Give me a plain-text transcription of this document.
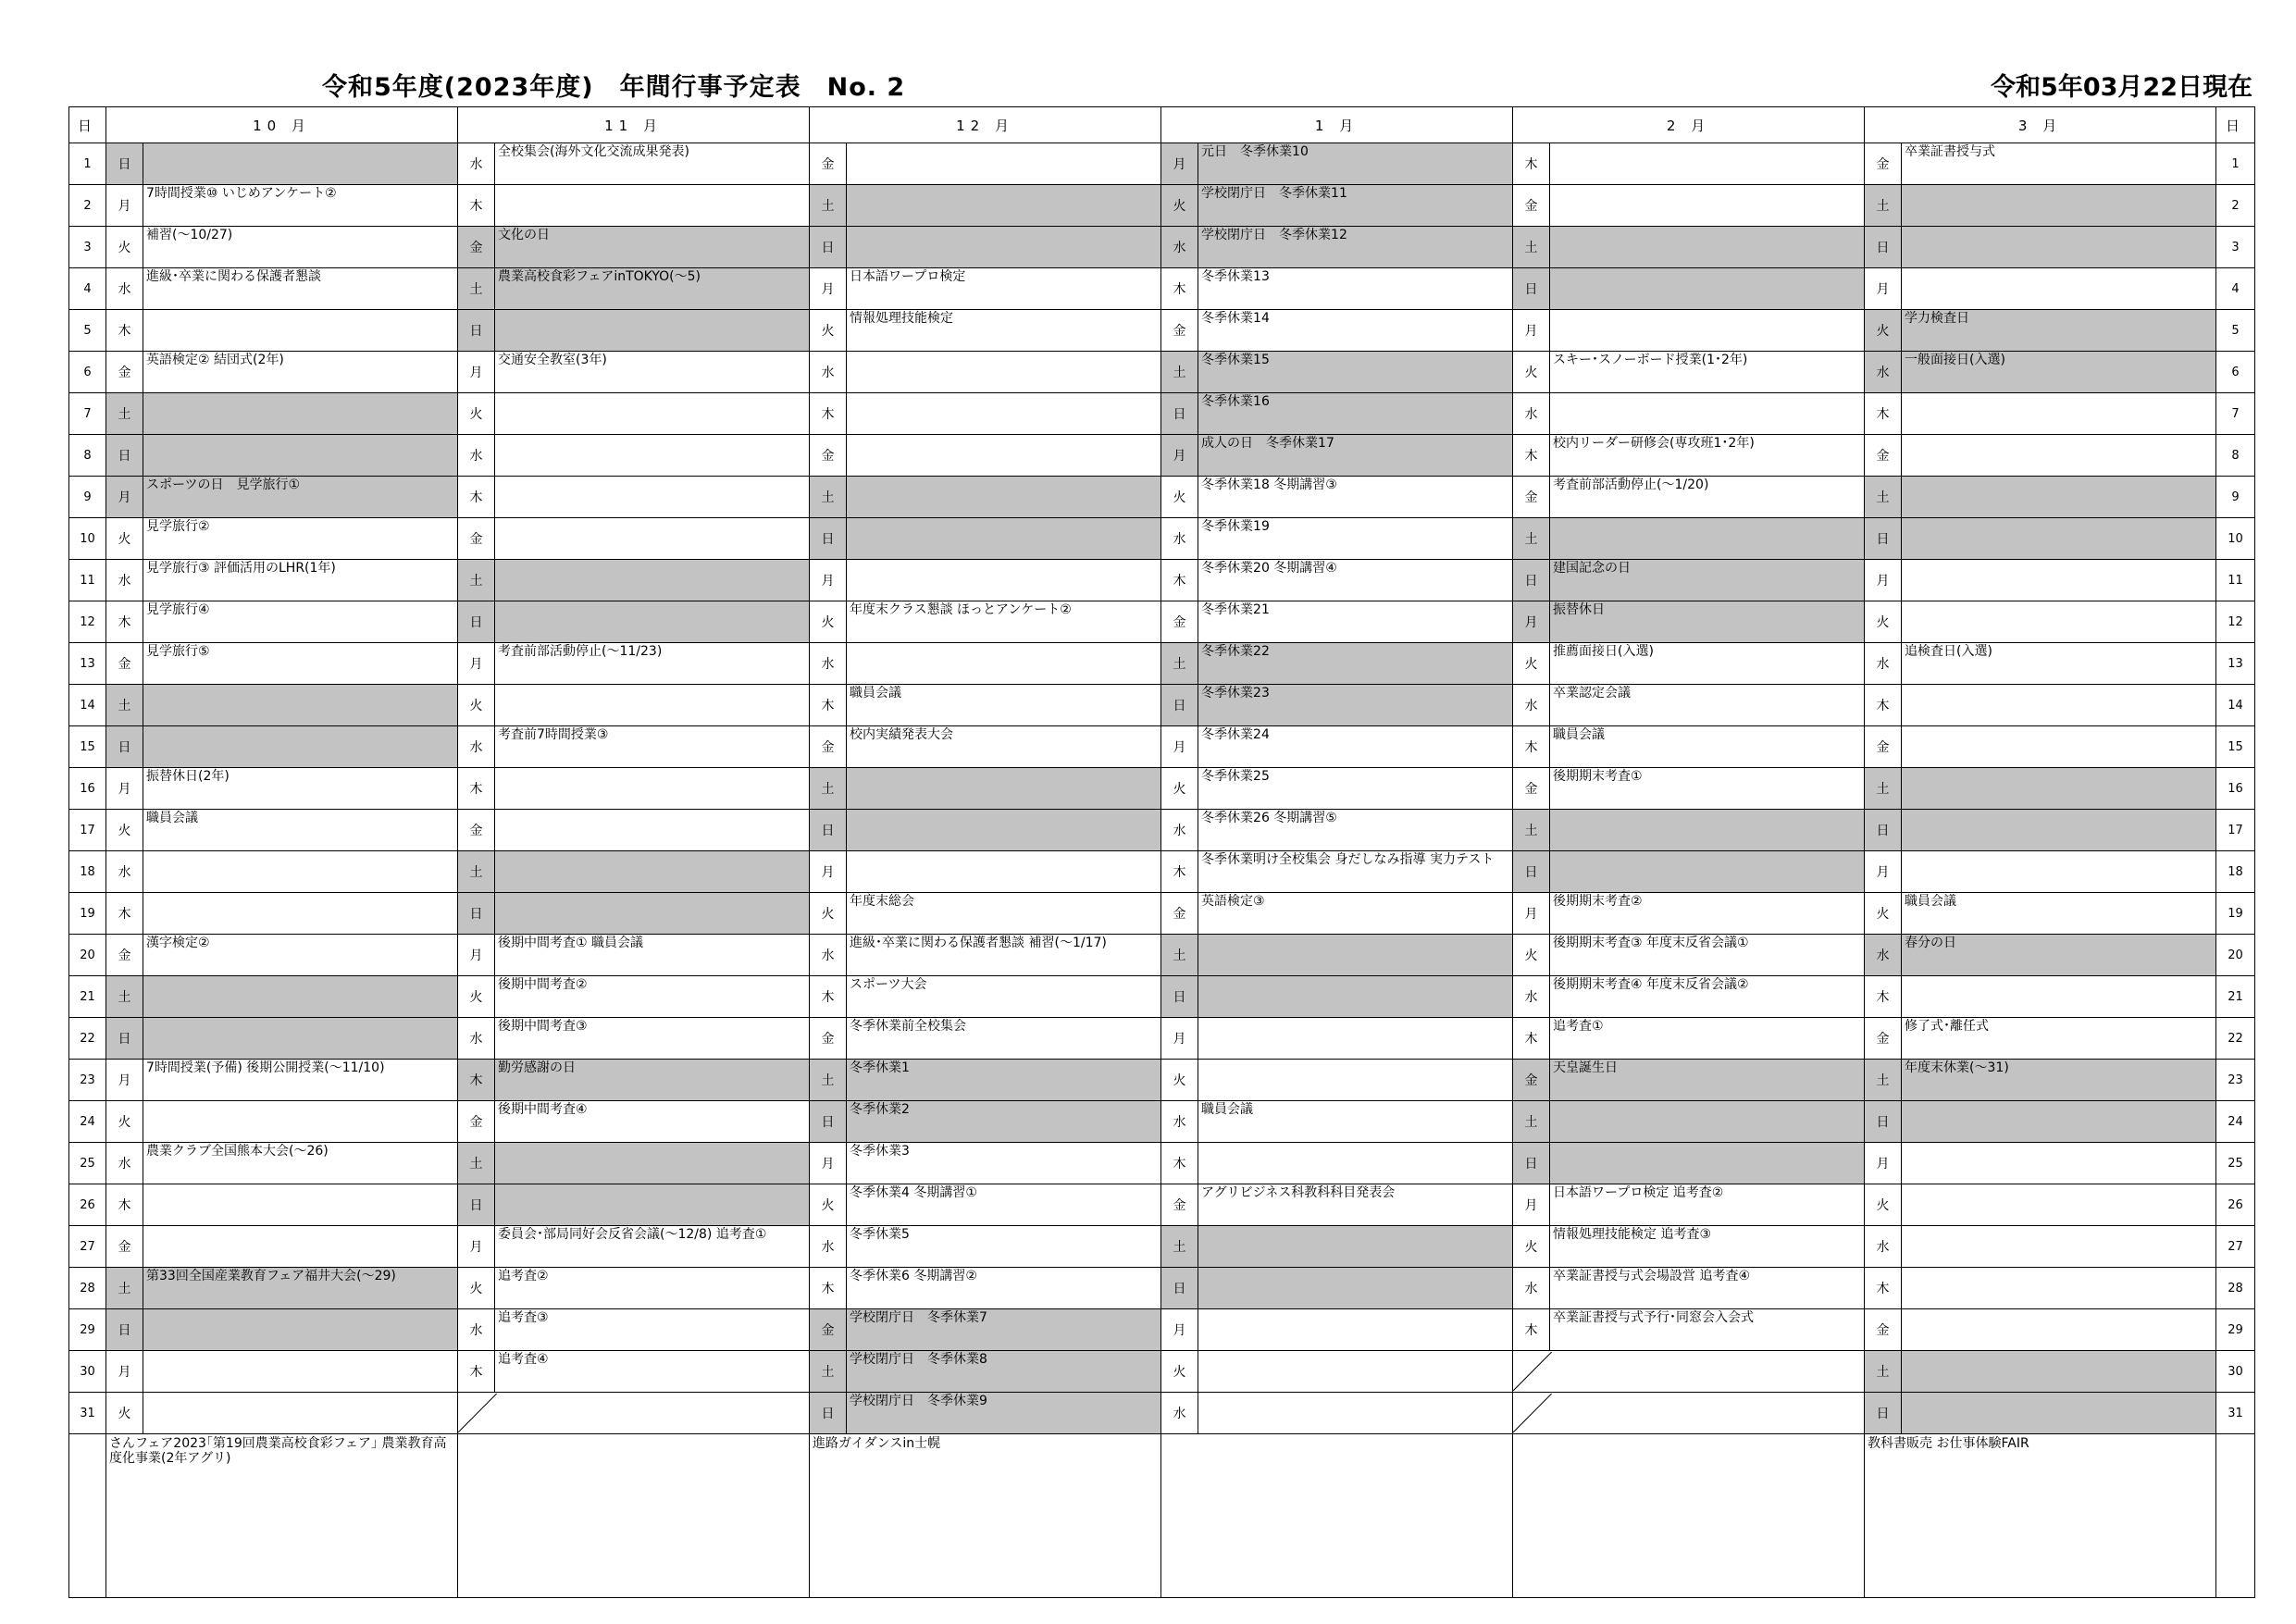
令和5年度(2023年度)　年間行事予定表　No. 2	令和5年03月22日現在
日	10 月		11 月		12 月		1 月		2 月		3 月		日
1	日		水	全校集会(海外文化交流成果発表)	金		月	元日　冬季休業10	木		金	卒業証書授与式	1
2	月	7時間授業⑩ いじめアンケート②	木		土		火	学校閉庁日　冬季休業11	金		土		2
3	火	補習(～10/27)	金	文化の日	日		水	学校閉庁日　冬季休業12	土		日		3
4	水	進級･卒業に関わる保護者懇談	土	農業高校食彩フェアinTOKYO(～5)	月	日本語ワープロ検定	木	冬季休業13	日		月		4
5	木		日		火	情報処理技能検定	金	冬季休業14	月		火	学力検査日	5
6	金	英語検定② 結団式(2年)	月	交通安全教室(3年)	水		土	冬季休業15	火	スキー･スノーボード授業(1･2年)	水	一般面接日(入選)	6
7	土		火		木		日	冬季休業16	水		木		7
8	日		水		金		月	成人の日　冬季休業17	木	校内リーダー研修会(専攻班1･2年)	金		8
9	月	スポーツの日　見学旅行①	木		土		火	冬季休業18 冬期講習③	金	考査前部活動停止(～1/20)	土		9
10	火	見学旅行②	金		日		水	冬季休業19	土		日		10
11	水	見学旅行③ 評価活用のLHR(1年)	土		月		木	冬季休業20 冬期講習④	日	建国記念の日	月		11
12	木	見学旅行④	日		火	年度末クラス懇談 ほっとアンケート②	金	冬季休業21	月	振替休日	火		12
13	金	見学旅行⑤	月	考査前部活動停止(～11/23)	水		土	冬季休業22	火	推薦面接日(入選)	水	追検査日(入選)	13
14	土		火		木	職員会議	日	冬季休業23	水	卒業認定会議	木		14
15	日		水	考査前7時間授業③	金	校内実績発表大会	月	冬季休業24	木	職員会議	金		15
16	月	振替休日(2年)	木		土		火	冬季休業25	金	後期期末考査①	土		16
17	火	職員会議	金		日		水	冬季休業26 冬期講習⑤	土		日		17
18	水		土		月		木	冬季休業明け全校集会 身だしなみ指導 実力テスト	日		月		18
19	木		日		火	年度末総会	金	英語検定③	月	後期期末考査②	火	職員会議	19
20	金	漢字検定②	月	後期中間考査① 職員会議	水	進級･卒業に関わる保護者懇談 補習(～1/17)	土		火	後期期末考査③ 年度末反省会議①	水	春分の日	20
21	土		火	後期中間考査②	木	スポーツ大会	日		水	後期期末考査④ 年度末反省会議②	木		21
22	日		水	後期中間考査③	金	冬季休業前全校集会	月		木	追考査①	金	修了式･離任式	22
23	月	7時間授業(予備) 後期公開授業(～11/10)	木	勤労感謝の日	土	冬季休業1	火		金	天皇誕生日	土	年度末休業(～31)	23
24	火		金	後期中間考査④	日	冬季休業2	水	職員会議	土		日		24
25	水	農業クラブ全国熊本大会(～26)	土		月	冬季休業3	木		日		月		25
26	木		日		火	冬季休業4 冬期講習①	金	アグリビジネス科教科科目発表会	月	日本語ワープロ検定 追考査②	火		26
27	金		月	委員会･部局同好会反省会議(～12/8) 追考査①	水	冬季休業5	土		火	情報処理技能検定 追考査③	水		27
28	土	第33回全国産業教育フェア福井大会(～29)	火	追考査②	木	冬季休業6 冬期講習②	日		水	卒業証書授与式会場設営 追考査④	木		28
29	日		水	追考査③	金	学校閉庁日　冬季休業7	月		木	卒業証書授与式予行･同窓会入会式	金		29
30	月		木	追考査④	土	学校閉庁日　冬季休業8	火				土		30
31	火				日	学校閉庁日　冬季休業9	水				日		31
	さんフェア2023｢第19回農業高校食彩フェア｣ 農業教育高度化事業(2年アグリ)				進路ガイダンスin士幌						教科書販売 お仕事体験FAIR		
